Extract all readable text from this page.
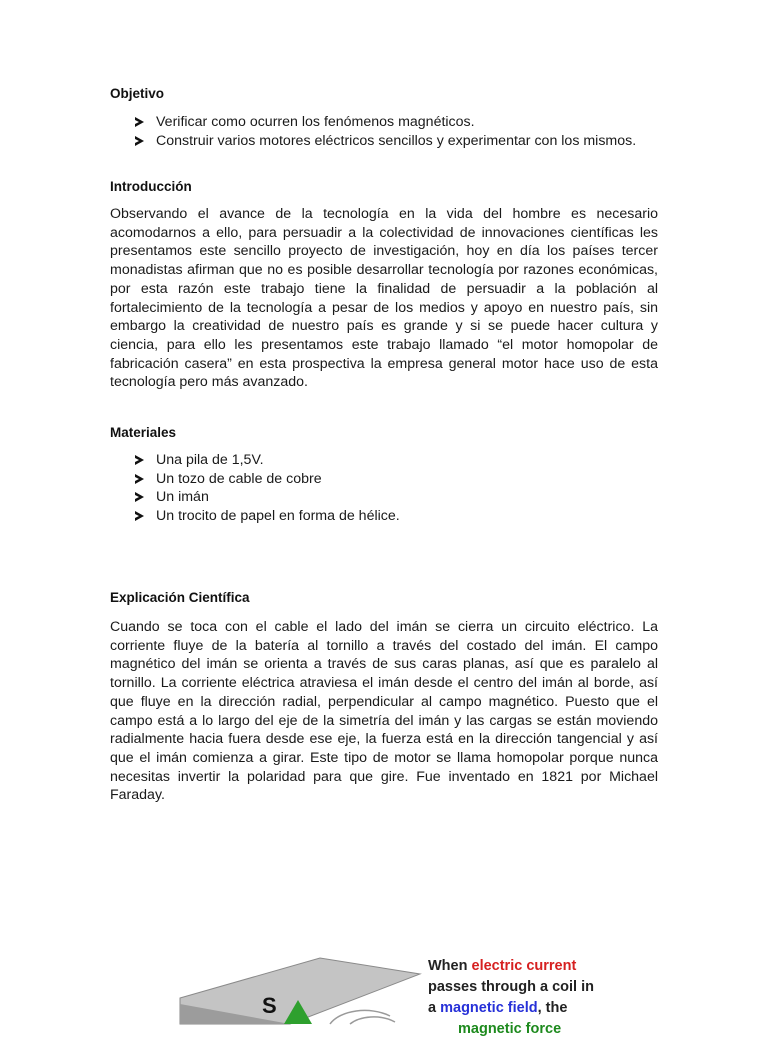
Objetivo
Verificar como ocurren los fenómenos magnéticos.
Construir varios motores eléctricos sencillos y experimentar con los mismos.
Introducción

Observando el avance de la tecnología en la vida del hombre es necesario acomodarnos a ello, para persuadir a la colectividad de innovaciones científicas les presentamos este sencillo proyecto de investigación, hoy en día los países tercer monadistas afirman que no es posible desarrollar tecnología por razones económicas, por esta razón este trabajo tiene la finalidad de persuadir a la población al fortalecimiento de la tecnología a pesar de los medios y apoyo en nuestro país, sin embargo la creatividad de nuestro país es grande y si se puede hacer cultura y ciencia, para ello les presentamos este trabajo llamado “el motor homopolar de fabricación casera” en esta prospectiva la empresa general motor hace uso de esta tecnología pero más avanzado.

Materiales
Una pila de 1,5V.
Un tozo de cable de cobre
Un imán
Un trocito de papel en forma de hélice.
Explicación Científica

Cuando se toca con el cable el lado del imán se cierra un circuito eléctrico. La corriente fluye de la batería al tornillo a través del costado del imán. El campo magnético del imán se orienta a través de sus caras planas, así que es paralelo al tornillo. La corriente eléctrica atraviesa el imán desde el centro del imán al borde, así que fluye en la dirección radial, perpendicular al campo magnético. Puesto que el campo está a lo largo del eje de la simetría del imán y las cargas se están moviendo radialmente hacia fuera desde ese eje, la fuerza está en la dirección tangencial y así que el imán comienza a girar. Este tipo de motor se llama homopolar porque nunca necesitas invertir la polaridad para que gire. Fue inventado en 1821 por Michael Faraday.

S
When electric current
passes through a coil in
a magnetic field, the
magnetic force
